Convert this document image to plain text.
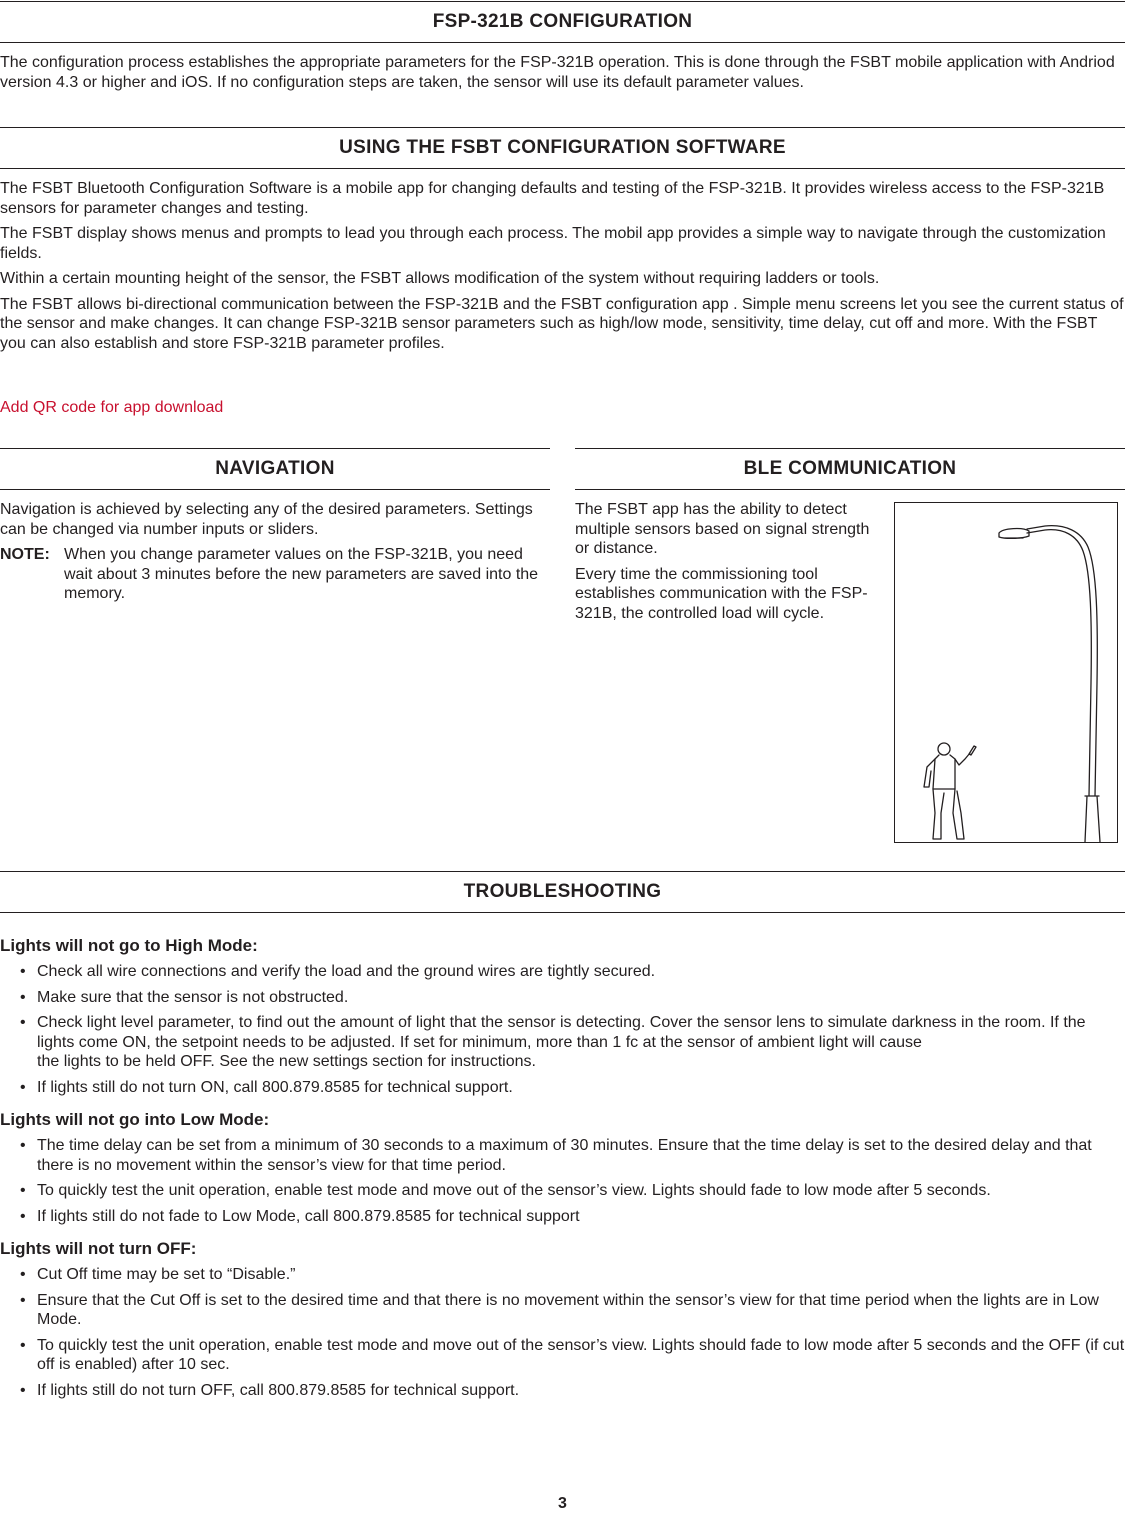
FSP-321B CONFIGURATION

The configuration process establishes the appropriate parameters for the FSP-321B operation. This is done through the FSBT mobile application with Andriod version 4.3 or higher and iOS. If no configuration steps are taken, the sensor will use its default parameter values.

USING THE FSBT CONFIGURATION SOFTWARE

The FSBT Bluetooth Configuration Software is a mobile app for changing defaults and testing of the FSP-321B. It provides wireless access to the FSP-321B sensors for parameter changes and testing.

The FSBT display shows menus and prompts to lead you through each process. The mobil app provides a simple way to navigate through the customization fields.

Within a certain mounting height of the sensor, the FSBT allows modification of the system without requiring ladders or tools.

The FSBT allows bi-directional communication between the FSP-321B and the FSBT configuration app . Simple menu screens let you see the current status of the sensor and make changes. It can change FSP-321B sensor parameters such as high/low mode, sensitivity, time delay, cut off and more. With the FSBT you can also establish and store FSP-321B parameter profiles.

Add QR code for app download
NAVIGATION

Navigation is achieved by selecting any of the desired parameters. Settings can be changed via number inputs or sliders.

NOTE: When you change parameter values on the FSP-321B, you need wait about 3 minutes before the new parameters are saved into the memory.
BLE COMMUNICATION

The FSBT app has the ability to detect multiple sensors based on signal strength or distance.

Every time the commissioning tool establishes communication with the FSP-321B, the controlled load will cycle.

TROUBLESHOOTING

Lights will not go to High Mode:

• Check all wire connections and verify the load and the ground wires are tightly secured.
• Make sure that the sensor is not obstructed.
• Check light level parameter, to find out the amount of light that the sensor is detecting. Cover the sensor lens to simulate darkness in the room. If the lights come ON, the setpoint needs to be adjusted. If set for minimum, more than 1 fc at the sensor of ambient light will cause
the lights to be held OFF. See the new settings section for instructions.
• If lights still do not turn ON, call 800.879.8585 for technical support.

Lights will not go into Low Mode:

• The time delay can be set from a minimum of 30 seconds to a maximum of 30 minutes. Ensure that the time delay is set to the desired delay and that there is no movement within the sensor’s view for that time period.
• To quickly test the unit operation, enable test mode and move out of the sensor’s view. Lights should fade to low mode after 5 seconds.
• If lights still do not fade to Low Mode, call 800.879.8585 for technical support

Lights will not turn OFF:

• Cut Off time may be set to “Disable.”
• Ensure that the Cut Off is set to the desired time and that there is no movement within the sensor’s view for that time period when the lights are in Low Mode.
• To quickly test the unit operation, enable test mode and move out of the sensor’s view. Lights should fade to low mode after 5 seconds and the OFF (if cut off is enabled) after 10 sec.
• If lights still do not turn OFF, call 800.879.8585 for technical support.
3
